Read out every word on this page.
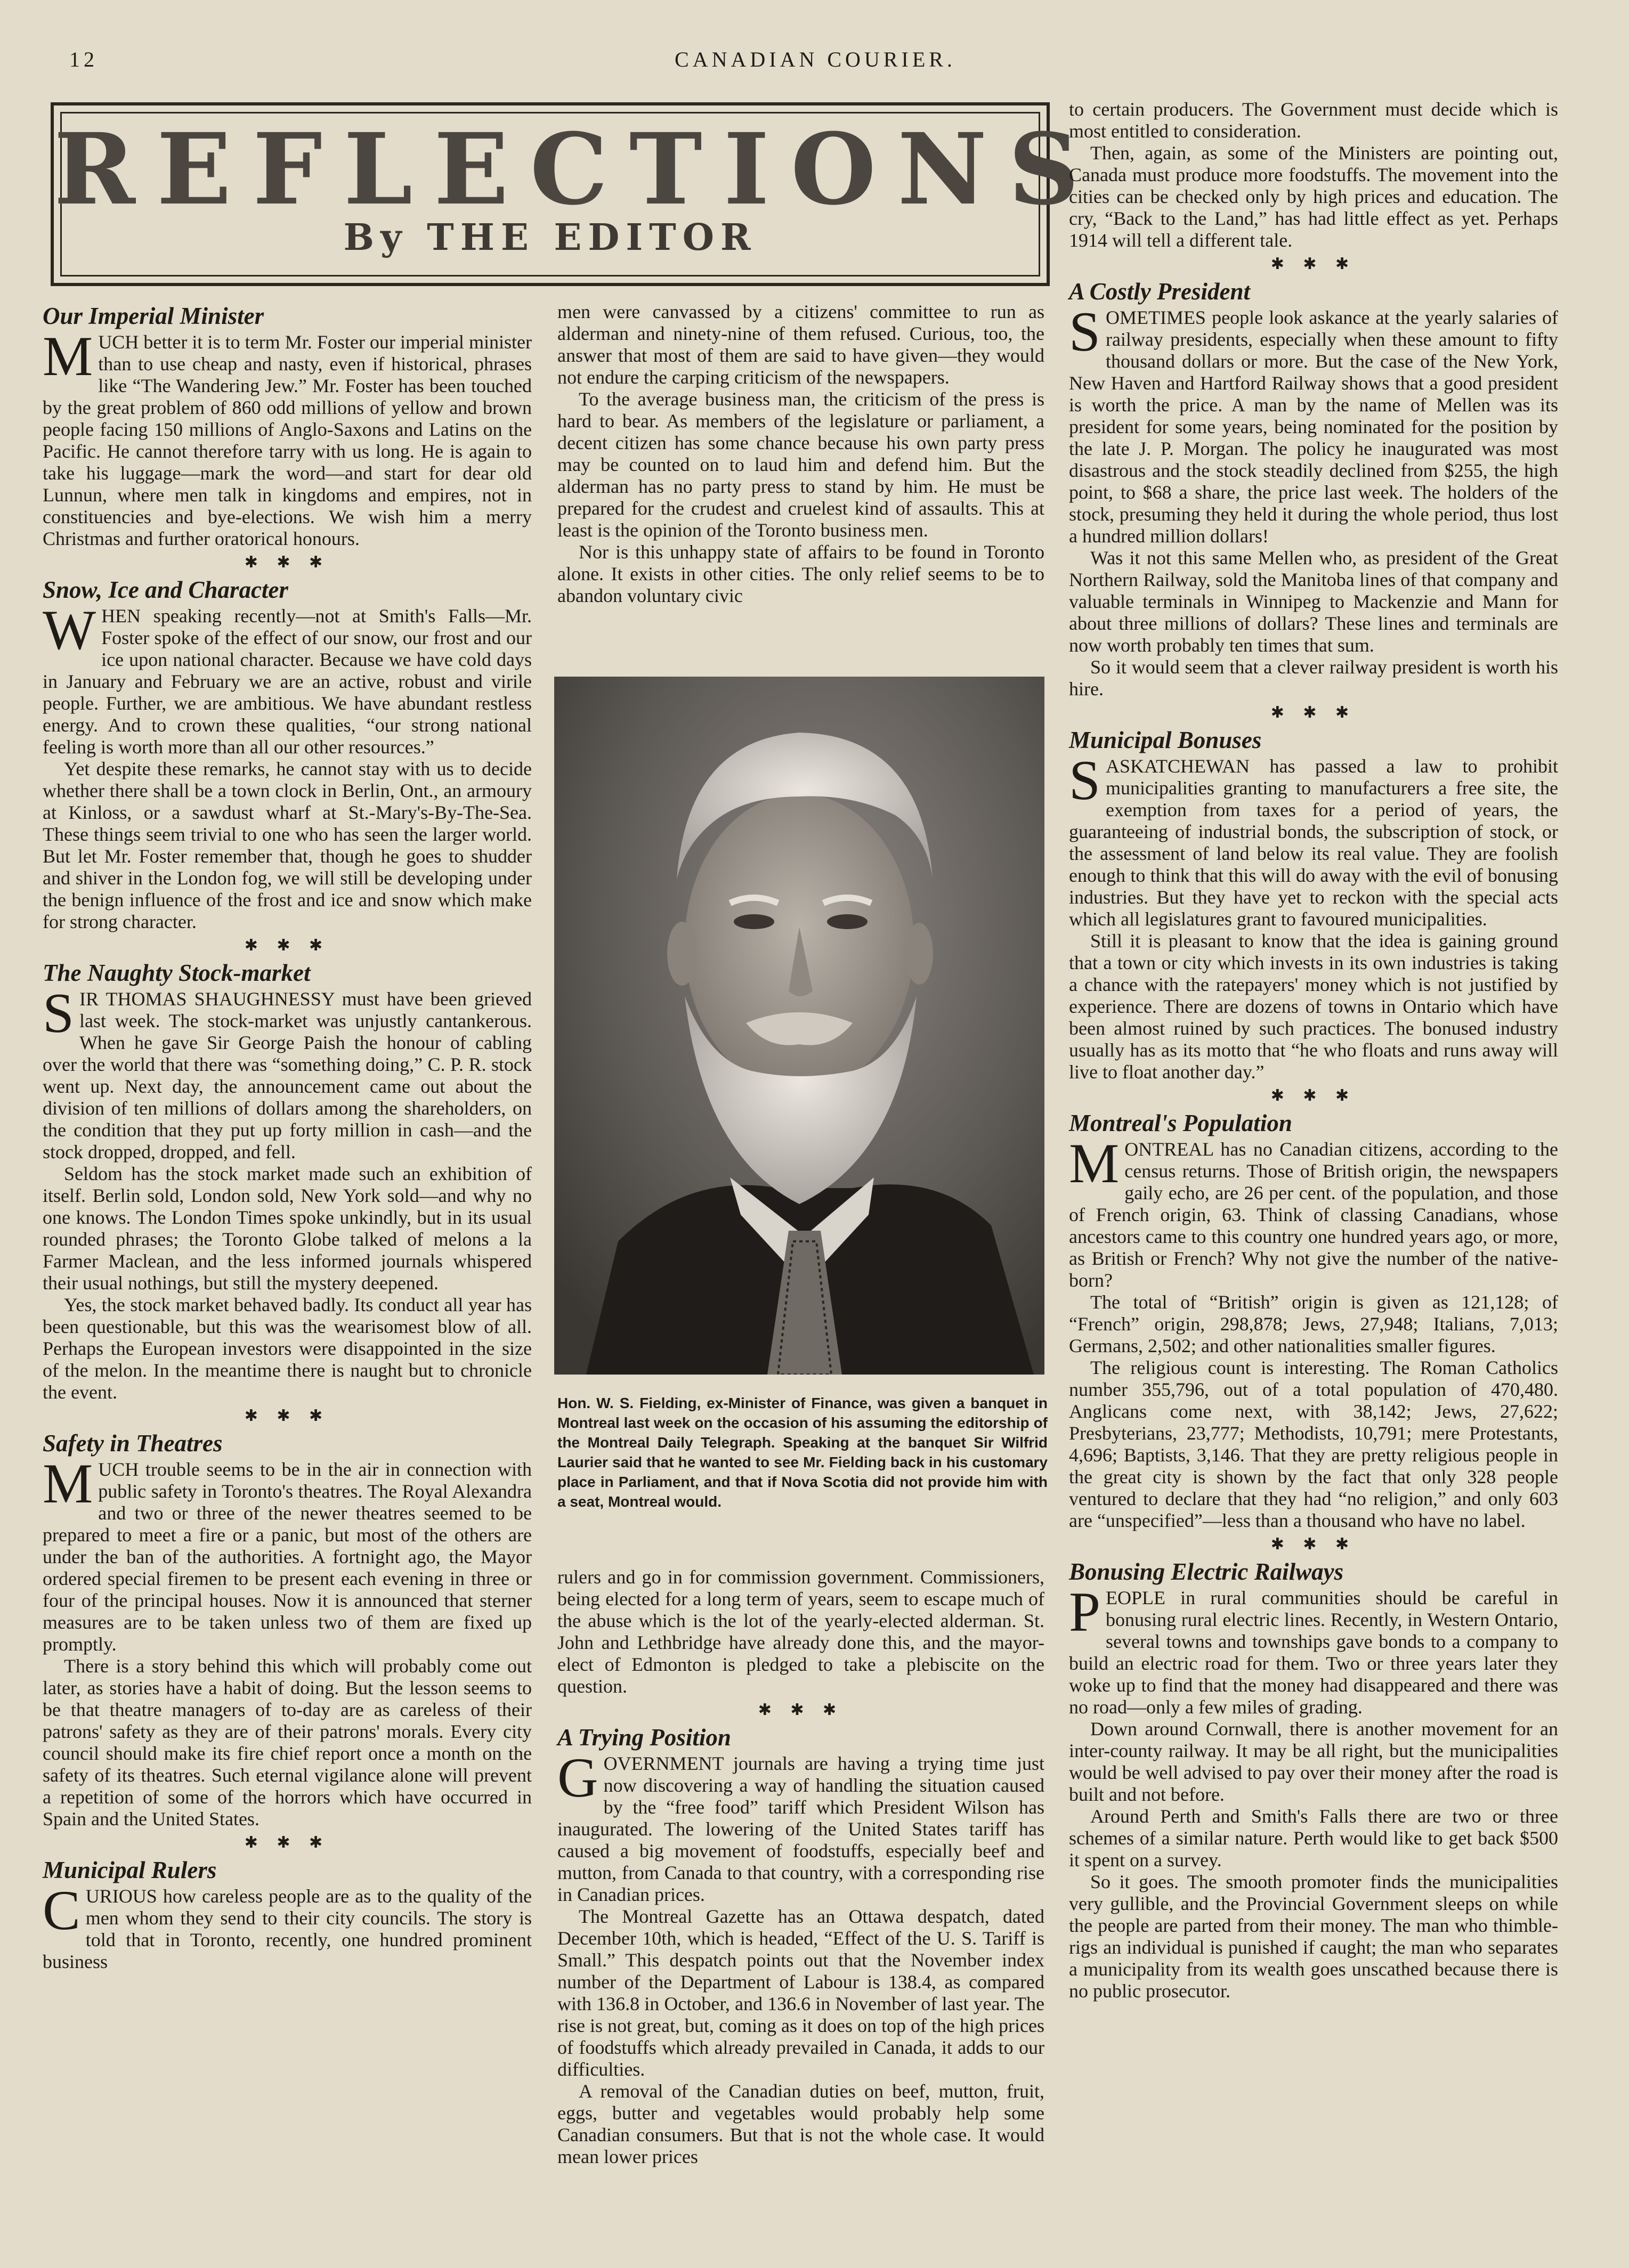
12	CANADIAN COURIER.
REFLECTIONS
By THE EDITOR
Our Imperial Minister

MUCH better it is to term Mr. Foster our imperial minister than to use cheap and nasty, even if historical, phrases like “The Wandering Jew.” Mr. Foster has been touched by the great problem of 860 odd millions of yellow and brown people facing 150 millions of Anglo-Saxons and Latins on the Pacific. He cannot therefore tarry with us long. He is again to take his luggage—mark the word—and start for dear old Lunnun, where men talk in kingdoms and empires, not in constituencies and bye-elections. We wish him a merry Christmas and further oratorical honours.

✱ ✱ ✱
Snow, Ice and Character

WHEN speaking recently—not at Smith's Falls—Mr. Foster spoke of the effect of our snow, our frost and our ice upon national character. Because we have cold days in January and February we are an active, robust and virile people. Further, we are ambitious. We have abundant restless energy. And to crown these qualities, “our strong national feeling is worth more than all our other resources.”

Yet despite these remarks, he cannot stay with us to decide whether there shall be a town clock in Berlin, Ont., an armoury at Kinloss, or a sawdust wharf at St.-Mary's-By-The-Sea. These things seem trivial to one who has seen the larger world. But let Mr. Foster remember that, though he goes to shudder and shiver in the London fog, we will still be developing under the benign influence of the frost and ice and snow which make for strong character.

✱ ✱ ✱
The Naughty Stock-market

SIR THOMAS SHAUGHNESSY must have been grieved last week. The stock-market was unjustly cantankerous. When he gave Sir George Paish the honour of cabling over the world that there was “something doing,” C. P. R. stock went up. Next day, the announcement came out about the division of ten millions of dollars among the shareholders, on the condition that they put up forty million in cash—and the stock dropped, dropped, and fell.

Seldom has the stock market made such an exhibition of itself. Berlin sold, London sold, New York sold—and why no one knows. The London Times spoke unkindly, but in its usual rounded phrases; the Toronto Globe talked of melons a la Farmer Maclean, and the less informed journals whispered their usual nothings, but still the mystery deepened.

Yes, the stock market behaved badly. Its conduct all year has been questionable, but this was the wearisomest blow of all. Perhaps the European investors were disappointed in the size of the melon. In the meantime there is naught but to chronicle the event.

✱ ✱ ✱
Safety in Theatres

MUCH trouble seems to be in the air in connection with public safety in Toronto's theatres. The Royal Alexandra and two or three of the newer theatres seemed to be prepared to meet a fire or a panic, but most of the others are under the ban of the authorities. A fortnight ago, the Mayor ordered special firemen to be present each evening in three or four of the principal houses. Now it is announced that sterner measures are to be taken unless two of them are fixed up promptly.

There is a story behind this which will probably come out later, as stories have a habit of doing. But the lesson seems to be that theatre managers of to-day are as careless of their patrons' safety as they are of their patrons' morals. Every city council should make its fire chief report once a month on the safety of its theatres. Such eternal vigilance alone will prevent a repetition of some of the horrors which have occurred in Spain and the United States.

✱ ✱ ✱
Municipal Rulers

CURIOUS how careless people are as to the quality of the men whom they send to their city councils. The story is told that in Toronto, recently, one hundred prominent business

men were canvassed by a citizens' committee to run as alderman and ninety-nine of them refused. Curious, too, the answer that most of them are said to have given—they would not endure the carping criticism of the newspapers.

To the average business man, the criticism of the press is hard to bear. As members of the legislature or parliament, a decent citizen has some chance because his own party press may be counted on to laud him and defend him. But the alderman has no party press to stand by him. He must be prepared for the crudest and cruelest kind of assaults. This at least is the opinion of the Toronto business men.

Nor is this unhappy state of affairs to be found in Toronto alone. It exists in other cities. The only relief seems to be to abandon voluntary civic

Hon. W. S. Fielding, ex-Minister of Finance, was given a banquet in Montreal last week on the occasion of his assuming the editorship of the Montreal Daily Telegraph. Speaking at the banquet Sir Wilfrid Laurier said that he wanted to see Mr. Fielding back in his customary place in Parliament, and that if Nova Scotia did not provide him with a seat, Montreal would.

rulers and go in for commission government. Commissioners, being elected for a long term of years, seem to escape much of the abuse which is the lot of the yearly-elected alderman. St. John and Lethbridge have already done this, and the mayor-elect of Edmonton is pledged to take a plebiscite on the question.

✱ ✱ ✱
A Trying Position

GOVERNMENT journals are having a trying time just now discovering a way of handling the situation caused by the “free food” tariff which President Wilson has inaugurated. The lowering of the United States tariff has caused a big movement of foodstuffs, especially beef and mutton, from Canada to that country, with a corresponding rise in Canadian prices.

The Montreal Gazette has an Ottawa despatch, dated December 10th, which is headed, “Effect of the U. S. Tariff is Small.” This despatch points out that the November index number of the Department of Labour is 138.4, as compared with 136.8 in October, and 136.6 in November of last year. The rise is not great, but, coming as it does on top of the high prices of foodstuffs which already prevailed in Canada, it adds to our difficulties.

A removal of the Canadian duties on beef, mutton, fruit, eggs, butter and vegetables would probably help some Canadian consumers. But that is not the whole case. It would mean lower prices

to certain producers. The Government must decide which is most entitled to consideration.

Then, again, as some of the Ministers are pointing out, Canada must produce more foodstuffs. The movement into the cities can be checked only by high prices and education. The cry, “Back to the Land,” has had little effect as yet. Perhaps 1914 will tell a different tale.

✱ ✱ ✱
A Costly President

SOMETIMES people look askance at the yearly salaries of railway presidents, especially when these amount to fifty thousand dollars or more. But the case of the New York, New Haven and Hartford Railway shows that a good president is worth the price. A man by the name of Mellen was its president for some years, being nominated for the position by the late J. P. Morgan. The policy he inaugurated was most disastrous and the stock steadily declined from $255, the high point, to $68 a share, the price last week. The holders of the stock, presuming they held it during the whole period, thus lost a hundred million dollars!

Was it not this same Mellen who, as president of the Great Northern Railway, sold the Manitoba lines of that company and valuable terminals in Winnipeg to Mackenzie and Mann for about three millions of dollars? These lines and terminals are now worth probably ten times that sum.

So it would seem that a clever railway president is worth his hire.

✱ ✱ ✱
Municipal Bonuses

SASKATCHEWAN has passed a law to prohibit municipalities granting to manufacturers a free site, the exemption from taxes for a period of years, the guaranteeing of industrial bonds, the subscription of stock, or the assessment of land below its real value. They are foolish enough to think that this will do away with the evil of bonusing industries. But they have yet to reckon with the special acts which all legislatures grant to favoured municipalities.

Still it is pleasant to know that the idea is gaining ground that a town or city which invests in its own industries is taking a chance with the ratepayers' money which is not justified by experience. There are dozens of towns in Ontario which have been almost ruined by such practices. The bonused industry usually has as its motto that “he who floats and runs away will live to float another day.”

✱ ✱ ✱
Montreal's Population

MONTREAL has no Canadian citizens, according to the census returns. Those of British origin, the newspapers gaily echo, are 26 per cent. of the population, and those of French origin, 63. Think of classing Canadians, whose ancestors came to this country one hundred years ago, or more, as British or French? Why not give the number of the native-born?

The total of “British” origin is given as 121,128; of “French” origin, 298,878; Jews, 27,948; Italians, 7,013; Germans, 2,502; and other nationalities smaller figures.

The religious count is interesting. The Roman Catholics number 355,796, out of a total population of 470,480. Anglicans come next, with 38,142; Jews, 27,622; Presbyterians, 23,777; Methodists, 10,791; mere Protestants, 4,696; Baptists, 3,146. That they are pretty religious people in the great city is shown by the fact that only 328 people ventured to declare that they had “no religion,” and only 603 are “unspecified”—less than a thousand who have no label.

✱ ✱ ✱
Bonusing Electric Railways

PEOPLE in rural communities should be careful in bonusing rural electric lines. Recently, in Western Ontario, several towns and townships gave bonds to a company to build an electric road for them. Two or three years later they woke up to find that the money had disappeared and there was no road—only a few miles of grading.

Down around Cornwall, there is another movement for an inter-county railway. It may be all right, but the municipalities would be well advised to pay over their money after the road is built and not before.

Around Perth and Smith's Falls there are two or three schemes of a similar nature. Perth would like to get back $500 it spent on a survey.

So it goes. The smooth promoter finds the municipalities very gullible, and the Provincial Government sleeps on while the people are parted from their money. The man who thimble-rigs an individual is punished if caught; the man who separates a municipality from its wealth goes unscathed because there is no public prosecutor.
